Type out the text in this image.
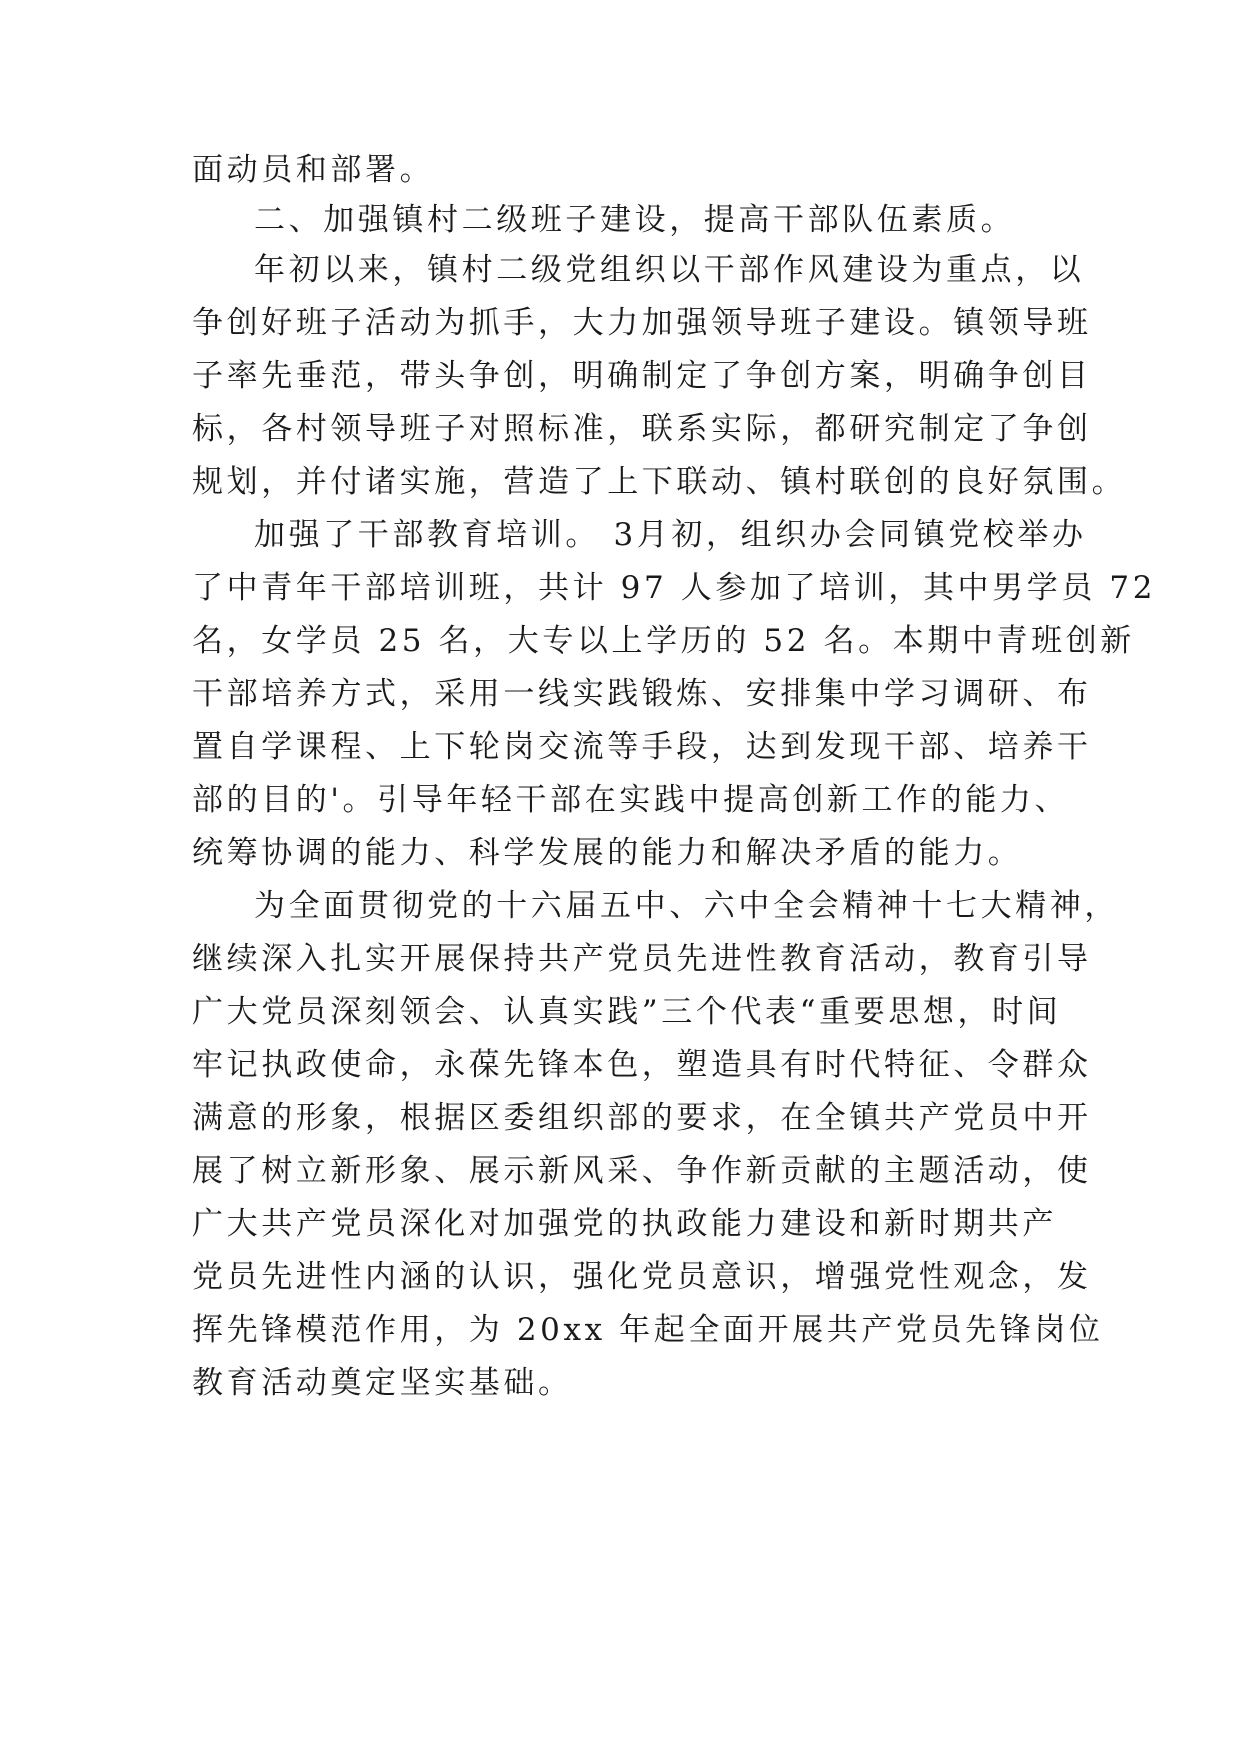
面动员和部署。
二、加强镇村二级班子建设，提高干部队伍素质。
年初以来，镇村二级党组织以干部作风建设为重点，以
争创好班子活动为抓手，大力加强领导班子建设。镇领导班
子率先垂范，带头争创，明确制定了争创方案，明确争创目
标，各村领导班子对照标准，联系实际，都研究制定了争创
规划，并付诸实施，营造了上下联动、镇村联创的良好氛围。
加强了干部教育培训。 3月初，组织办会同镇党校举办
了中青年干部培训班，共计 97 人参加了培训，其中男学员 72
名，女学员 25 名，大专以上学历的 52 名。本期中青班创新
干部培养方式，采用一线实践锻炼、安排集中学习调研、布
置自学课程、上下轮岗交流等手段，达到发现干部、培养干
部的目的'。引导年轻干部在实践中提高创新工作的能力、
统筹协调的能力、科学发展的能力和解决矛盾的能力。
为全面贯彻党的十六届五中、六中全会精神十七大精神，
继续深入扎实开展保持共产党员先进性教育活动，教育引导
广大党员深刻领会、认真实践”三个代表“重要思想，时间
牢记执政使命，永葆先锋本色，塑造具有时代特征、令群众
满意的形象，根据区委组织部的要求，在全镇共产党员中开
展了树立新形象、展示新风采、争作新贡献的主题活动，使
广大共产党员深化对加强党的执政能力建设和新时期共产
党员先进性内涵的认识，强化党员意识，增强党性观念，发
挥先锋模范作用，为 20xx 年起全面开展共产党员先锋岗位
教育活动奠定坚实基础。
